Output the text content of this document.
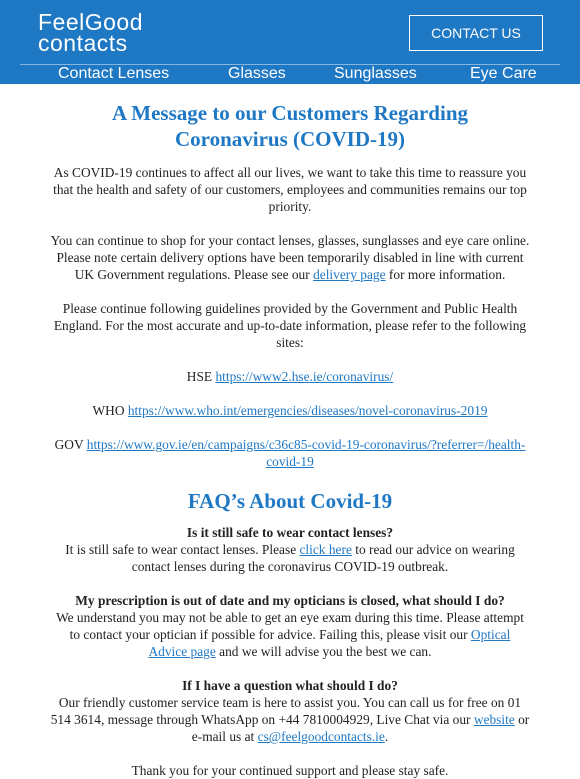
FeelGood
contacts	CONTACT US
Contact Lenses	Glasses	Sunglasses	Eye Care
A Message to our Customers Regarding Coronavirus (COVID-19)

As COVID-19 continues to affect all our lives, we want to take this time to reassure you that the health and safety of our customers, employees and communities remains our top priority.

You can continue to shop for your contact lenses, glasses, sunglasses and eye care online. Please note certain delivery options have been temporarily disabled in line with current UK Government regulations. Please see our delivery page for more information.

Please continue following guidelines provided by the Government and Public Health England. For the most accurate and up-to-date information, please refer to the following sites:

HSE https://www2.hse.ie/coronavirus/

WHO https://www.who.int/emergencies/diseases/novel-coronavirus-2019

GOV https://www.gov.ie/en/campaigns/c36c85-covid-19-coronavirus/?referrer=/health-covid-19

FAQ’s About Covid-19

Is it still safe to wear contact lenses?
It is still safe to wear contact lenses. Please click here to read our advice on wearing contact lenses during the coronavirus COVID-19 outbreak.

My prescription is out of date and my opticians is closed, what should I do?
We understand you may not be able to get an eye exam during this time. Please attempt to contact your optician if possible for advice. Failing this, please visit our Optical Advice page and we will advise you the best we can.

If I have a question what should I do?
Our friendly customer service team is here to assist you. You can call us for free on 01 514 3614, message through WhatsApp on +44 7810004929, Live Chat via our website or e-mail us at cs@feelgoodcontacts.ie.

Thank you for your continued support and please stay safe.
